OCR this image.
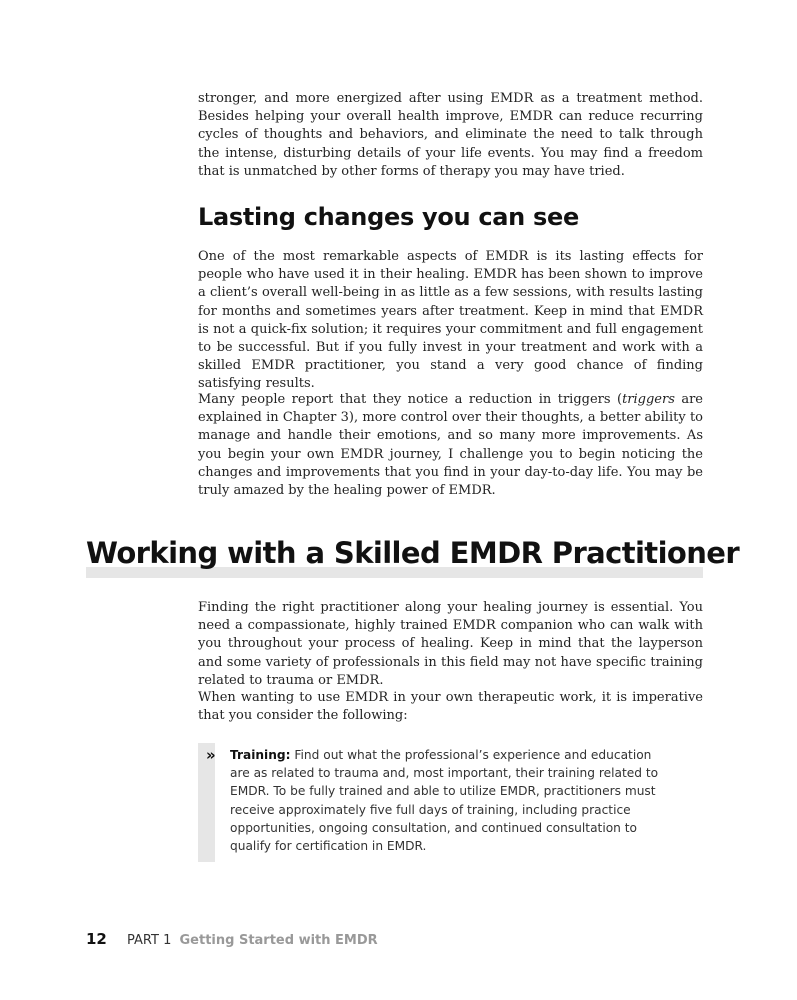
stronger, and more energized after using EMDR as a treatment method. Besides helping your overall health improve, EMDR can reduce recurring cycles of thoughts and behaviors, and eliminate the need to talk through the intense, disturbing details of your life events. You may find a freedom that is unmatched by other forms of therapy you may have tried.

Lasting changes you can see

One of the most remarkable aspects of EMDR is its lasting effects for people who have used it in their healing. EMDR has been shown to improve a client’s overall well-being in as little as a few sessions, with results lasting for months and sometimes years after treatment. Keep in mind that EMDR is not a quick-fix solution; it requires your commitment and full engagement to be successful. But if you fully invest in your treatment and work with a skilled EMDR practitioner, you stand a very good chance of finding satisfying results.

Many people report that they notice a reduction in triggers (triggers are explained in Chapter 3), more control over their thoughts, a better ability to manage and handle their emotions, and so many more improvements. As you begin your own EMDR journey, I challenge you to begin noticing the changes and improvements that you find in your day-to-day life. You may be truly amazed by the healing power of EMDR.

Working with a Skilled EMDR Practitioner

Finding the right practitioner along your healing journey is essential. You need a compassionate, highly trained EMDR companion who can walk with you throughout your process of healing. Keep in mind that the layperson and some variety of professionals in this field may not have specific training related to trauma or EMDR.

When wanting to use EMDR in your own therapeutic work, it is imperative that you consider the following:

» Training: Find out what the professional’s experience and education are as related to trauma and, most important, their training related to EMDR. To be fully trained and able to utilize EMDR, practitioners must receive approximately five full days of training, including practice opportunities, ongoing consultation, and continued consultation to qualify for certification in EMDR.

12 PART 1 Getting Started with EMDR
